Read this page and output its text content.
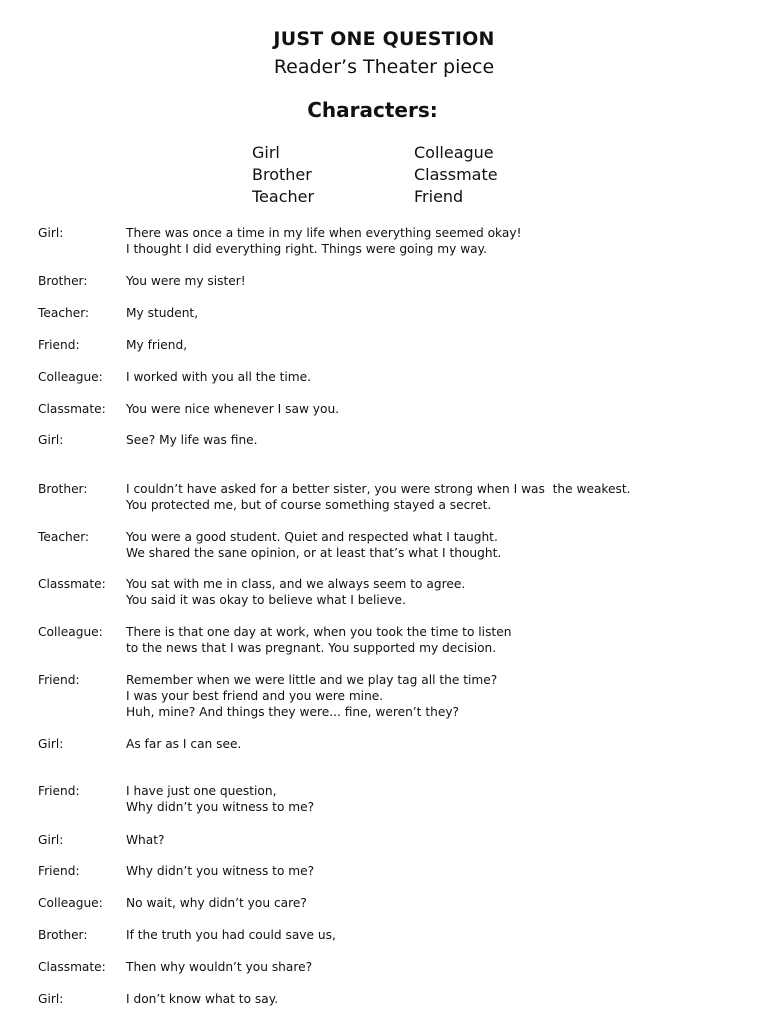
JUST ONE QUESTION
Reader’s Theater piece
Characters:
Girl
Brother
Teacher
Colleague
Classmate
Friend
Girl:	There was once a time in my life when everything seemed okay!
I thought I did everything right. Things were going my way.
Brother:	You were my sister!
Teacher:	My student,
Friend:	My friend,
Colleague:	I worked with you all the time.
Classmate:	You were nice whenever I saw you.
Girl:	See? My life was fine.
Brother:	I couldn’t have asked for a better sister, you were strong when I was  the weakest.
You protected me, but of course something stayed a secret.
Teacher:	You were a good student. Quiet and respected what I taught.
We shared the sane opinion, or at least that’s what I thought.
Classmate:	You sat with me in class, and we always seem to agree.
You said it was okay to believe what I believe.
Colleague:	There is that one day at work, when you took the time to listen
to the news that I was pregnant. You supported my decision.
Friend:	Remember when we were little and we play tag all the time?
I was your best friend and you were mine.
Huh, mine? And things they were... fine, weren’t they?
Girl:	As far as I can see.
Friend:	I have just one question,
Why didn’t you witness to me?
Girl:	What?
Friend:	Why didn’t you witness to me?
Colleague:	No wait, why didn’t you care?
Brother:	If the truth you had could save us,
Classmate:	Then why wouldn’t you share?
Girl:	I don’t know what to say.
